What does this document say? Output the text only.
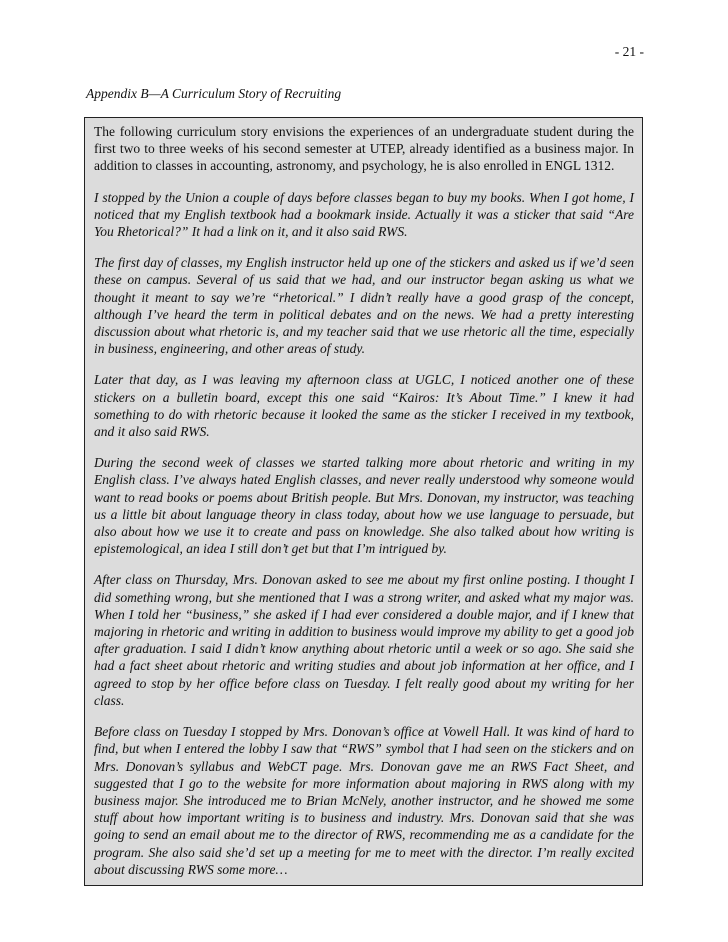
- 21 -
Appendix B—A Curriculum Story of Recruiting

The following curriculum story envisions the experiences of an undergraduate student during the first two to three weeks of his second semester at UTEP, already identified as a business major. In addition to classes in accounting, astronomy, and psychology, he is also enrolled in ENGL 1312.

I stopped by the Union a couple of days before classes began to buy my books. When I got home, I noticed that my English textbook had a bookmark inside. Actually it was a sticker that said “Are You Rhetorical?” It had a link on it, and it also said RWS.

The first day of classes, my English instructor held up one of the stickers and asked us if we’d seen these on campus. Several of us said that we had, and our instructor began asking us what we thought it meant to say we’re “rhetorical.” I didn’t really have a good grasp of the concept, although I’ve heard the term in political debates and on the news. We had a pretty interesting discussion about what rhetoric is, and my teacher said that we use rhetoric all the time, especially in business, engineering, and other areas of study.

Later that day, as I was leaving my afternoon class at UGLC, I noticed another one of these stickers on a bulletin board, except this one said “Kairos: It’s About Time.” I knew it had something to do with rhetoric because it looked the same as the sticker I received in my textbook, and it also said RWS.

During the second week of classes we started talking more about rhetoric and writing in my English class. I’ve always hated English classes, and never really understood why someone would want to read books or poems about British people. But Mrs. Donovan, my instructor, was teaching us a little bit about language theory in class today, about how we use language to persuade, but also about how we use it to create and pass on knowledge. She also talked about how writing is epistemological, an idea I still don’t get but that I’m intrigued by.

After class on Thursday, Mrs. Donovan asked to see me about my first online posting. I thought I did something wrong, but she mentioned that I was a strong writer, and asked what my major was. When I told her “business,” she asked if I had ever considered a double major, and if I knew that majoring in rhetoric and writing in addition to business would improve my ability to get a good job after graduation. I said I didn’t know anything about rhetoric until a week or so ago. She said she had a fact sheet about rhetoric and writing studies and about job information at her office, and I agreed to stop by her office before class on Tuesday. I felt really good about my writing for her class.

Before class on Tuesday I stopped by Mrs. Donovan’s office at Vowell Hall. It was kind of hard to find, but when I entered the lobby I saw that “RWS” symbol that I had seen on the stickers and on Mrs. Donovan’s syllabus and WebCT page. Mrs. Donovan gave me an RWS Fact Sheet, and suggested that I go to the website for more information about majoring in RWS along with my business major. She introduced me to Brian McNely, another instructor, and he showed me some stuff about how important writing is to business and industry. Mrs. Donovan said that she was going to send an email about me to the director of RWS, recommending me as a candidate for the program. She also said she’d set up a meeting for me to meet with the director. I’m really excited about discussing RWS some more…
